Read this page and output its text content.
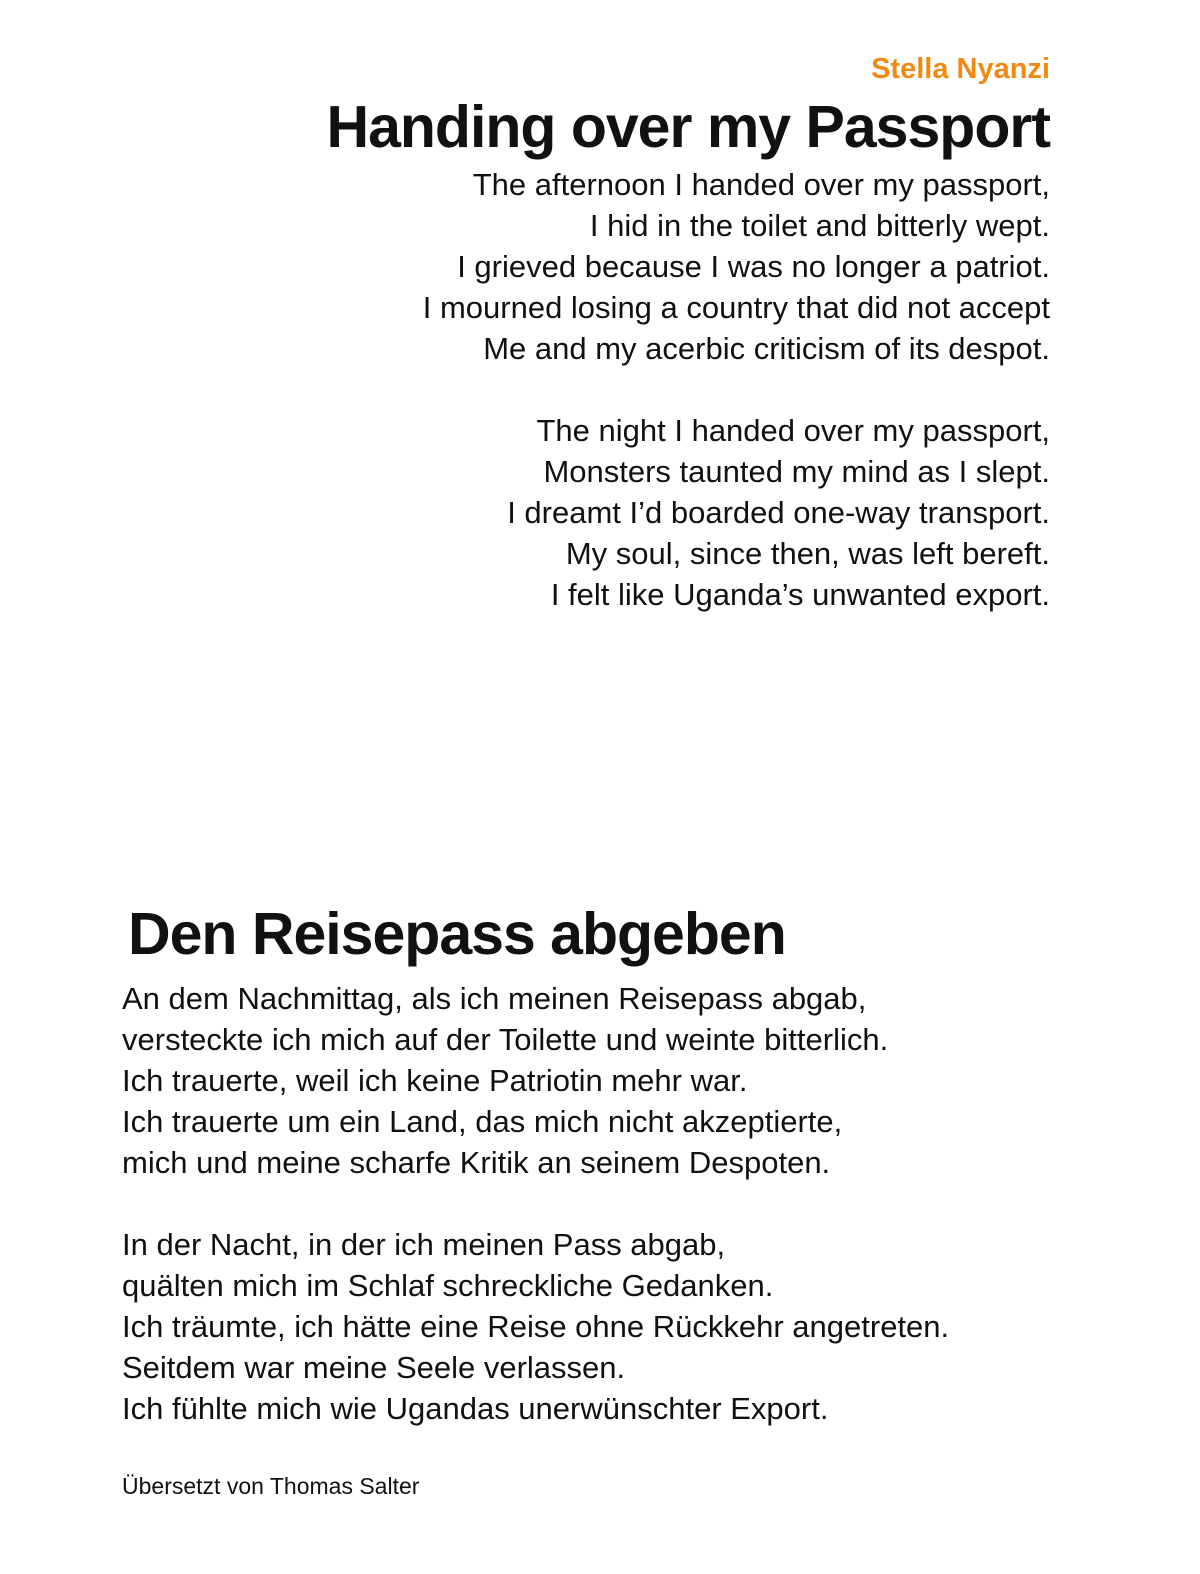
Stella Nyanzi

Handing over my Passport
The afternoon I handed over my passport,
I hid in the toilet and bitterly wept.
I grieved because I was no longer a patriot.
I mourned losing a country that did not accept
Me and my acerbic criticism of its despot.
The night I handed over my passport,
Monsters taunted my mind as I slept.
I dreamt I’d boarded one-way transport.
My soul, since then, was left bereft.
I felt like Uganda’s unwanted export.
Den Reisepass abgeben
An dem Nachmittag, als ich meinen Reisepass abgab,
versteckte ich mich auf der Toilette und weinte bitterlich.
Ich trauerte, weil ich keine Patriotin mehr war.
Ich trauerte um ein Land, das mich nicht akzeptierte,
mich und meine scharfe Kritik an seinem Despoten.
In der Nacht, in der ich meinen Pass abgab,
quälten mich im Schlaf schreckliche Gedanken.
Ich träumte, ich hätte eine Reise ohne Rückkehr angetreten.
Seitdem war meine Seele verlassen.
Ich fühlte mich wie Ugandas unerwünschter Export.

Übersetzt von Thomas Salter
